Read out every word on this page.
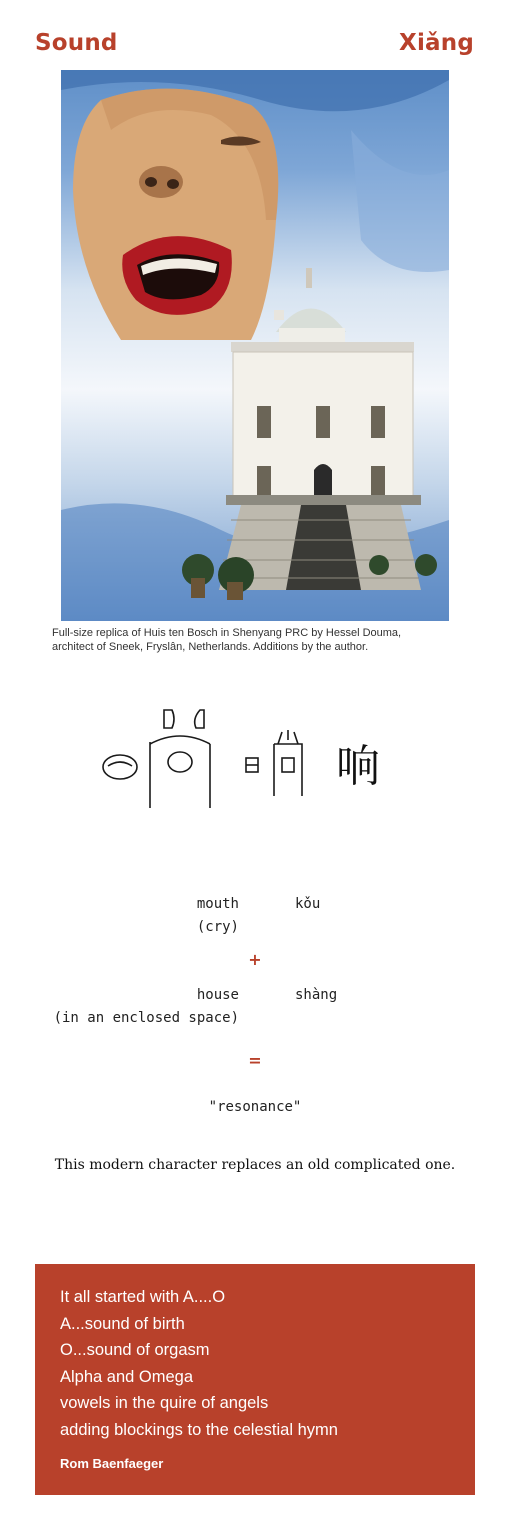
Sound	Xiǎng
Full-size replica of Huis ten Bosch in Shenyang PRC by Hessel Douma,
architect of Sneek, Fryslân, Netherlands. Additions by the author.
响
mouth	kǒu
(cry)
+
house	shàng
(in an enclosed space)
=
"resonance"
This modern character replaces an old complicated one.
It all started with A....O
A...sound of birth
O...sound of orgasm
Alpha and Omega
vowels in the quire of angels
adding blockings to the celestial hymn
Rom Baenfaeger
